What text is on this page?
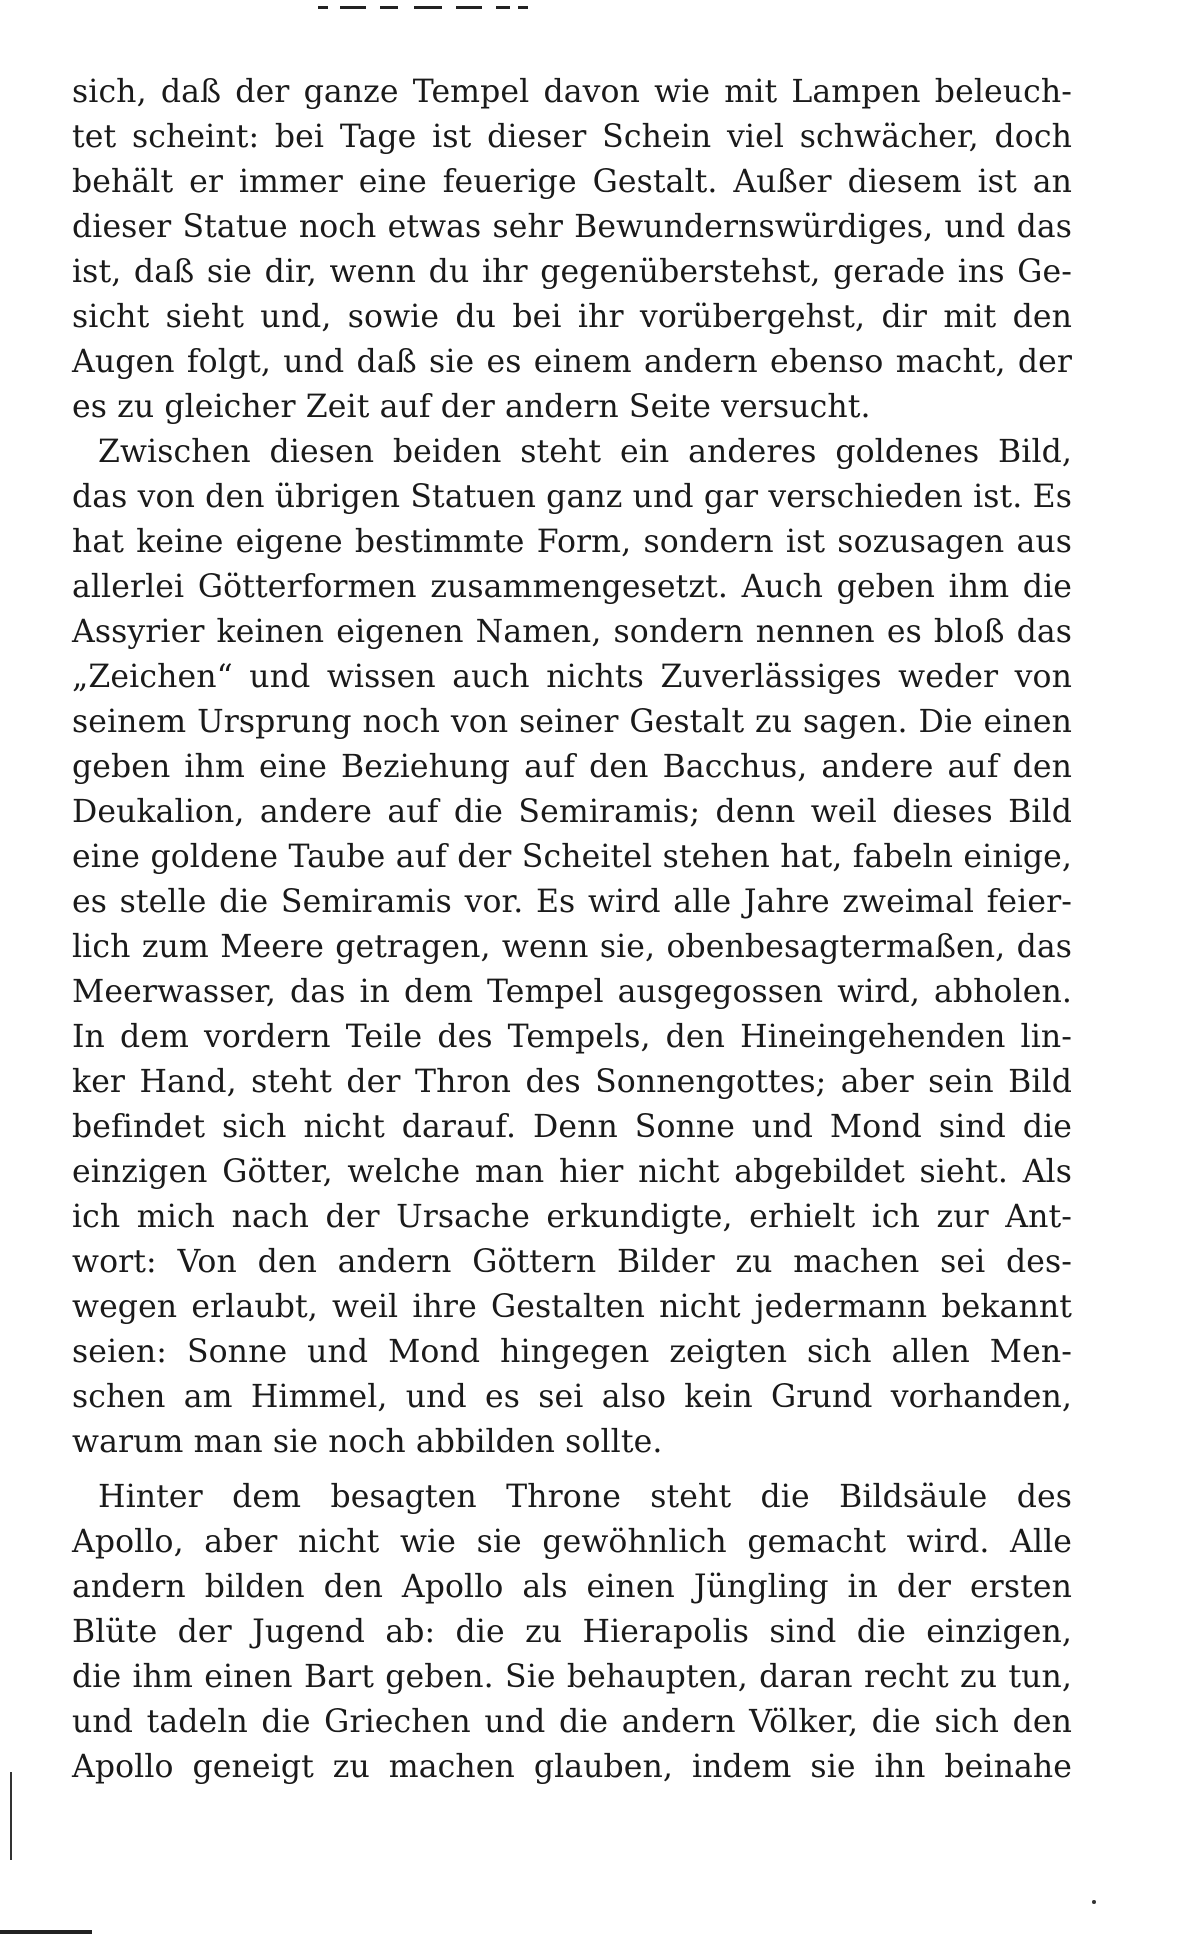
sich, daß der ganze Tempel davon wie mit Lampen beleuch-
tet scheint: bei Tage ist dieser Schein viel schwächer, doch
behält er immer eine feuerige Gestalt. Außer diesem ist an
dieser Statue noch etwas sehr Bewundernswürdiges, und das
ist, daß sie dir, wenn du ihr gegenüberstehst, gerade ins Ge-
sicht sieht und, sowie du bei ihr vorübergehst, dir mit den
Augen folgt, und daß sie es einem andern ebenso macht, der
es zu gleicher Zeit auf der andern Seite versucht.
Zwischen diesen beiden steht ein anderes goldenes Bild,
das von den übrigen Statuen ganz und gar verschieden ist. Es
hat keine eigene bestimmte Form, sondern ist sozusagen aus
allerlei Götterformen zusammengesetzt. Auch geben ihm die
Assyrier keinen eigenen Namen, sondern nennen es bloß das
„Zeichen“ und wissen auch nichts Zuverlässiges weder von
seinem Ursprung noch von seiner Gestalt zu sagen. Die einen
geben ihm eine Beziehung auf den Bacchus, andere auf den
Deukalion, andere auf die Semiramis; denn weil dieses Bild
eine goldene Taube auf der Scheitel stehen hat, fabeln einige,
es stelle die Semiramis vor. Es wird alle Jahre zweimal feier-
lich zum Meere getragen, wenn sie, obenbesagtermaßen, das
Meerwasser, das in dem Tempel ausgegossen wird, abholen.
In dem vordern Teile des Tempels, den Hineingehenden lin-
ker Hand, steht der Thron des Sonnengottes; aber sein Bild
befindet sich nicht darauf. Denn Sonne und Mond sind die
einzigen Götter, welche man hier nicht abgebildet sieht. Als
ich mich nach der Ursache erkundigte, erhielt ich zur Ant-
wort: Von den andern Göttern Bilder zu machen sei des-
wegen erlaubt, weil ihre Gestalten nicht jedermann bekannt
seien: Sonne und Mond hingegen zeigten sich allen Men-
schen am Himmel, und es sei also kein Grund vorhanden,
warum man sie noch abbilden sollte.
Hinter dem besagten Throne steht die Bildsäule des
Apollo, aber nicht wie sie gewöhnlich gemacht wird. Alle
andern bilden den Apollo als einen Jüngling in der ersten
Blüte der Jugend ab: die zu Hierapolis sind die einzigen,
die ihm einen Bart geben. Sie behaupten, daran recht zu tun,
und tadeln die Griechen und die andern Völker, die sich den
Apollo geneigt zu machen glauben, indem sie ihn beinahe
